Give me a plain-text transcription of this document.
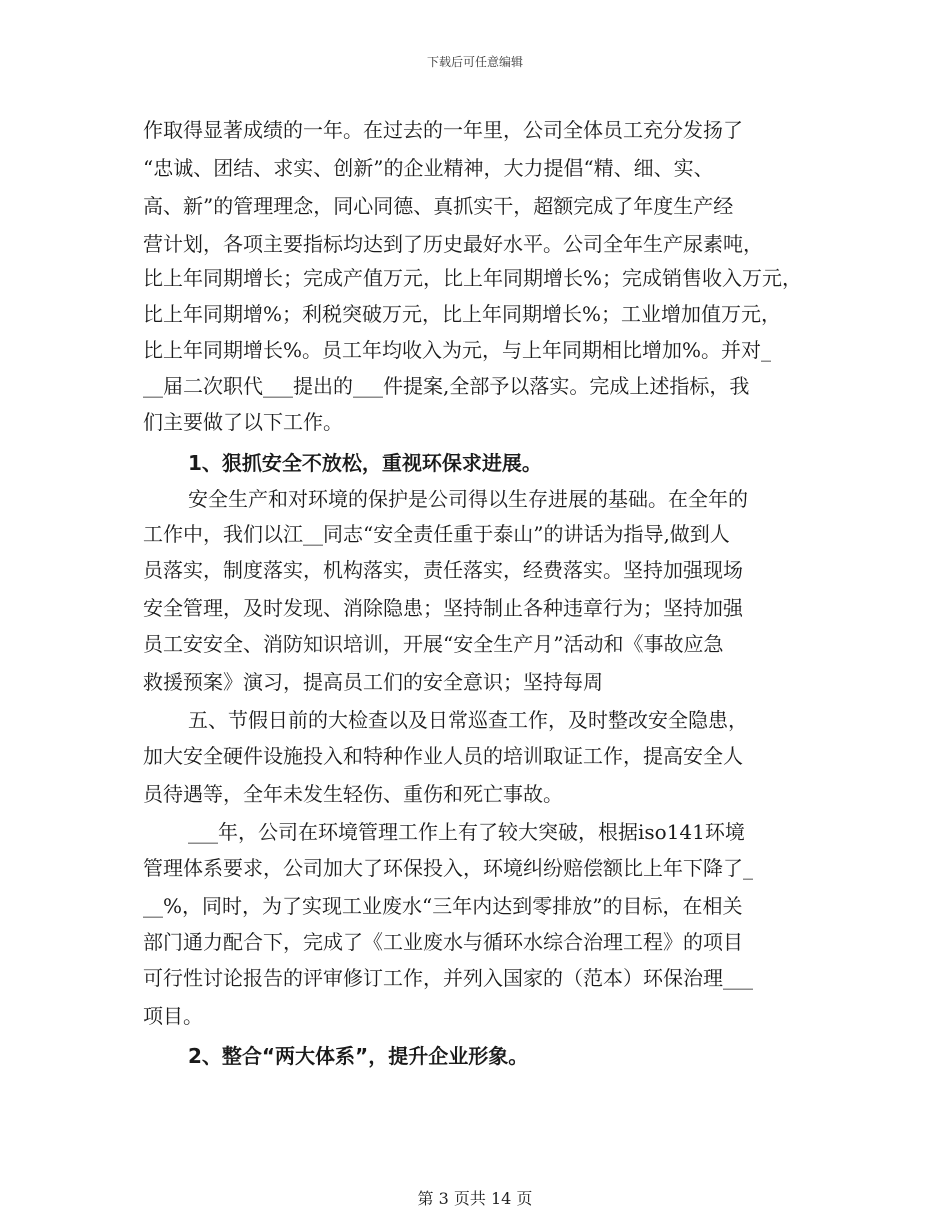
下载后可任意编辑
作取得显著成绩的一年。在过去的一年里，公司全体员工充分发扬了
“忠诚、团结、求实、创新”的企业精神，大力提倡“精、细、实、
高、新”的管理理念，同心同德、真抓实干，超额完成了年度生产经
营计划，各项主要指标均达到了历史最好水平。公司全年生产尿素吨，
比上年同期增长；完成产值万元，比上年同期增长%；完成销售收入万元，
比上年同期增%；利税突破万元，比上年同期增长%；工业增加值万元，
比上年同期增长%。员工年均收入为元，与上年同期相比增加%。并对_
__届二次职代___提出的___件提案,全部予以落实。完成上述指标，我
们主要做了以下工作。
1、狠抓安全不放松，重视环保求进展。
安全生产和对环境的保护是公司得以生存进展的基础。在全年的
工作中，我们以江__同志“安全责任重于泰山”的讲话为指导,做到人
员落实，制度落实，机构落实，责任落实，经费落实。坚持加强现场
安全管理，及时发现、消除隐患；坚持制止各种违章行为；坚持加强
员工安安全、消防知识培训，开展“安全生产月”活动和《事故应急
救援预案》演习，提高员工们的安全意识；坚持每周
五、节假日前的大检查以及日常巡查工作，及时整改安全隐患，
加大安全硬件设施投入和特种作业人员的培训取证工作，提高安全人
员待遇等，全年未发生轻伤、重伤和死亡事故。
___年，公司在环境管理工作上有了较大突破，根据iso141环境
管理体系要求，公司加大了环保投入，环境纠纷赔偿额比上年下降了_
__%，同时，为了实现工业废水“三年内达到零排放”的目标，在相关
部门通力配合下，完成了《工业废水与循环水综合治理工程》的项目
可行性讨论报告的评审修订工作，并列入国家的（范本）环保治理___
项目。
2、整合“两大体系”，提升企业形象。
第 3 页共 14 页
